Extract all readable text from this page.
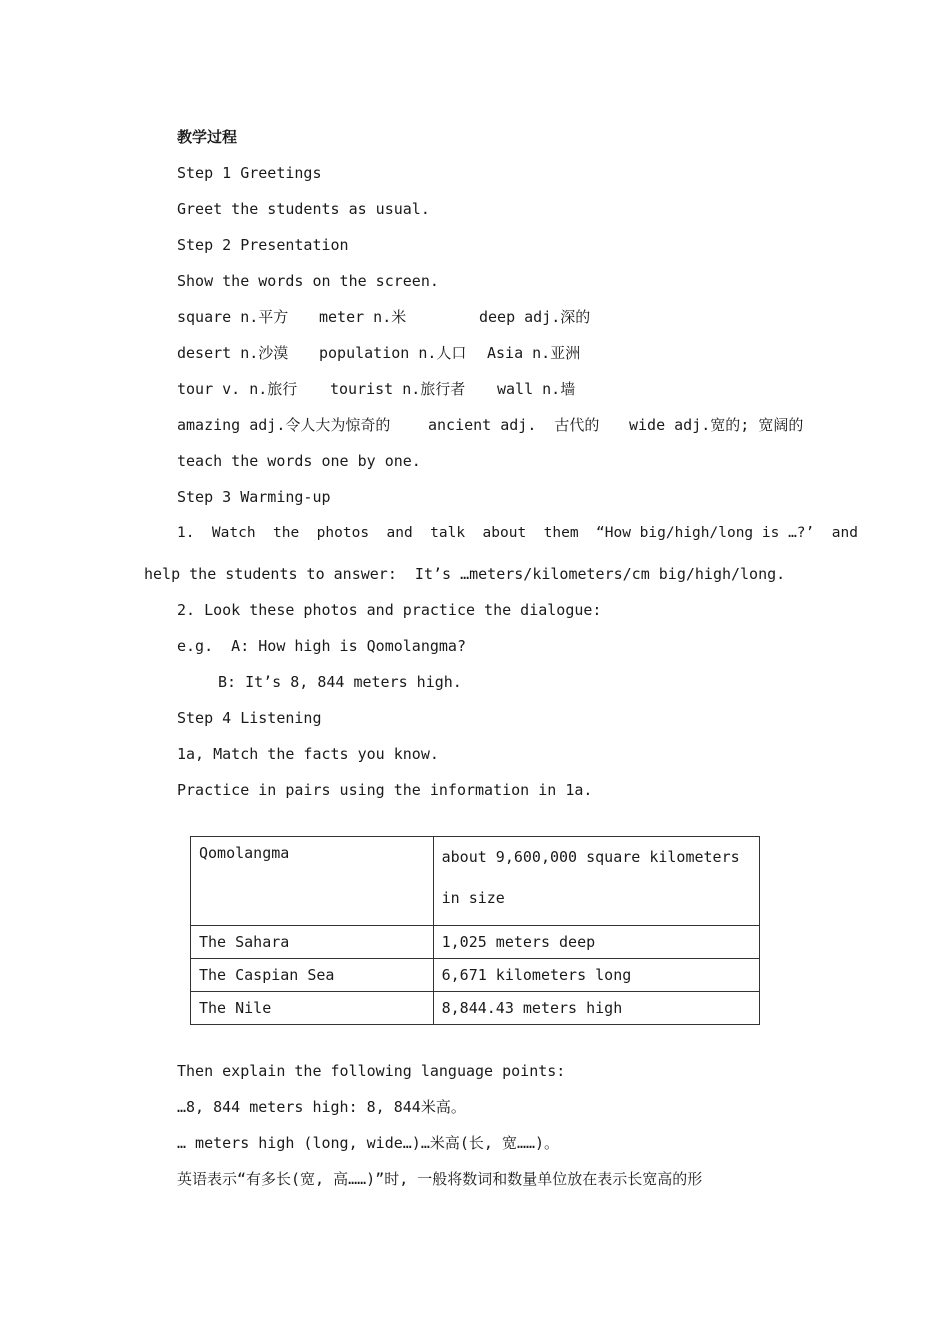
教学过程
Step 1 Greetings
Greet the students as usual.
Step 2 Presentation
Show the words on the screen.
square n.平方 meter n.米	deep adj.深的
desert n.沙漠 population n.人口 Asia n.亚洲
tour v. n.旅行 tourist n.旅行者 wall n.墙
amazing adj.令人大为惊奇的	ancient adj.  古代的 wide adj.宽的; 宽阔的
teach the words one by one.
Step 3 Warming-up
1.  Watch  the  photos  and  talk  about  them  “How big/high/long is …?’  and
help the students to answer:  It’s …meters/kilometers/cm big/high/long.
2. Look these photos and practice the dialogue:
e.g.  A: How high is Qomolangma?
B: It’s 8, 844 meters high.
Step 4 Listening
1a, Match the facts you know.
Practice in pairs using the information in 1a.
Qomolangma	about 9,600,000 square kilometers in size
The Sahara	1,025 meters deep
The Caspian Sea	6,671 kilometers long
The Nile	8,844.43 meters high
Then explain the following language points:
…8, 844 meters high: 8, 844米高。
… meters high (long, wide…)…米高(长, 宽……)。
英语表示“有多长(宽, 高……)”时, 一般将数词和数量单位放在表示长宽高的形
